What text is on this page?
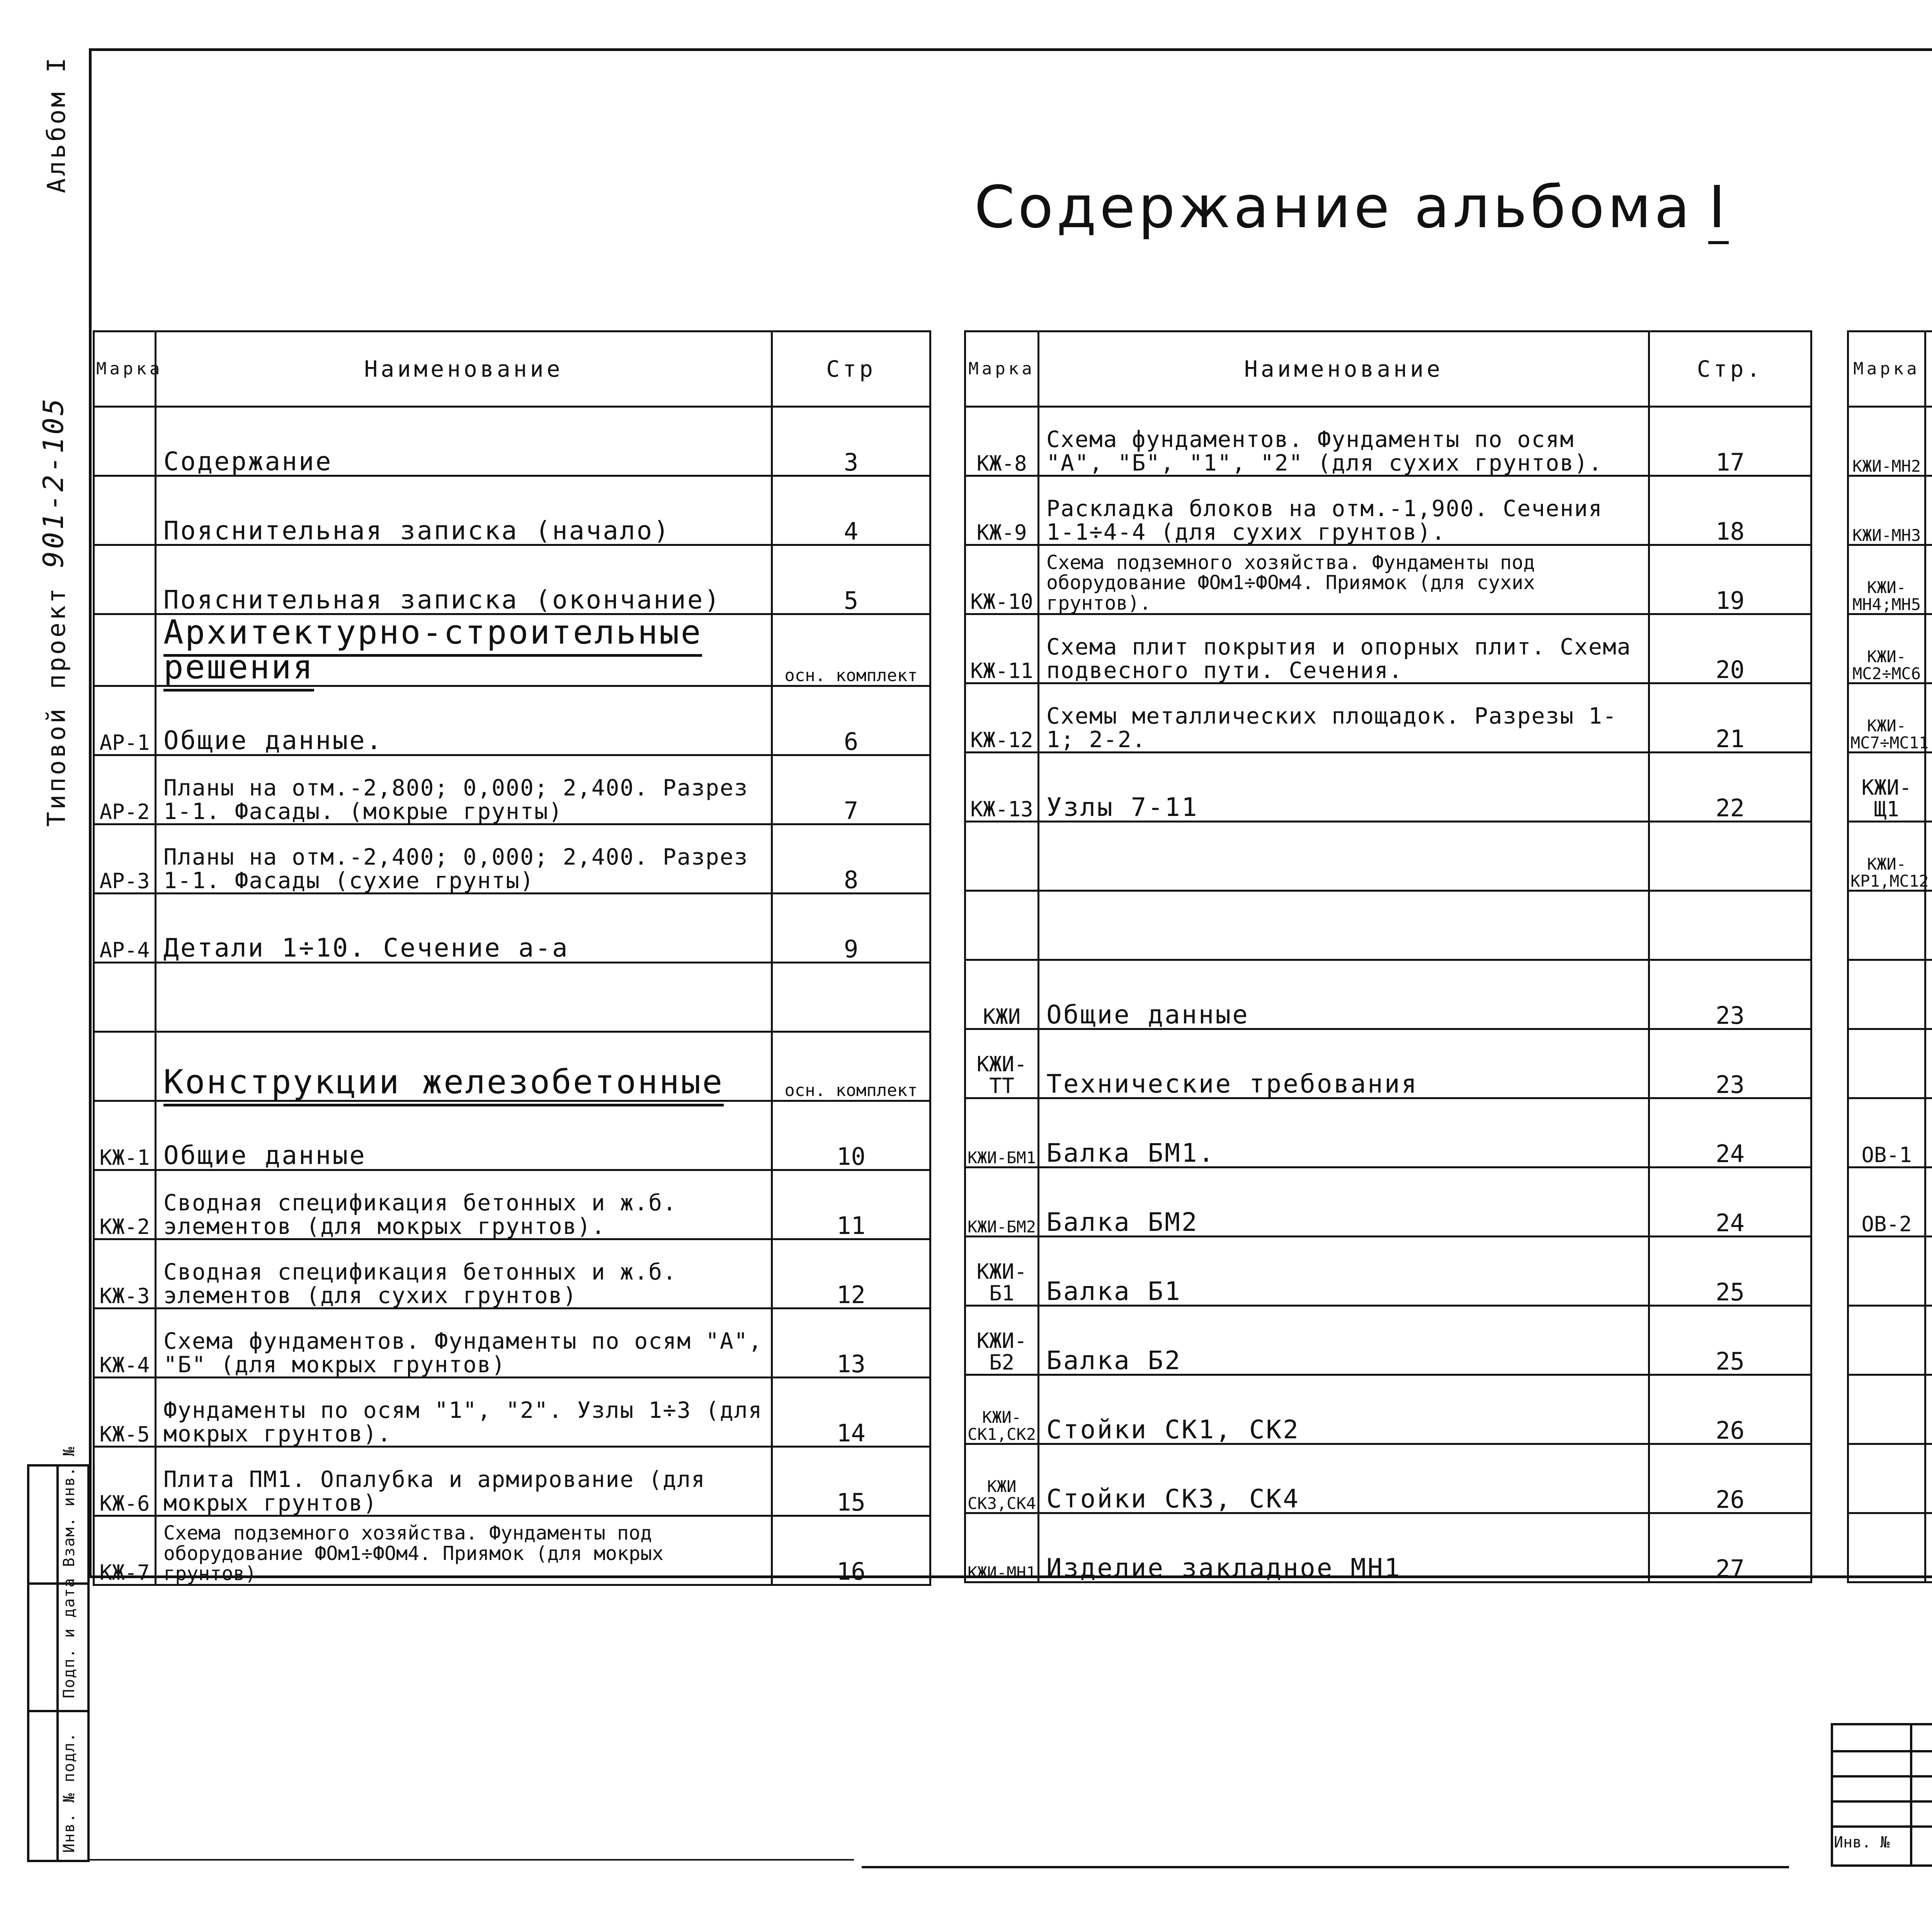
Альбом I
Типовой проект
901-2-105
Содержание альбома I
Марка	Наименование	Стр
	Содержание	3
	Пояснительная записка (начало)	4
	Пояснительная записка (окончание)	5
	Архитектурно-строительные решения	осн. комплект
АР-1	Общие данные.	6
АР-2	Планы на отм.-2,800; 0,000; 2,400. Разрез 1-1. Фасады. (мокрые грунты)	7
АР-3	Планы на отм.-2,400; 0,000; 2,400. Разрез 1-1. Фасады (сухие грунты)	8
АР-4	Детали 1÷10. Сечение а-а	9

	Конструкции железобетонные	осн. комплект
КЖ-1	Общие данные	10
КЖ-2	Сводная спецификация бетонных и ж.б. элементов (для мокрых грунтов).	11
КЖ-3	Сводная спецификация бетонных и ж.б. элементов (для сухих грунтов)	12
КЖ-4	Схема фундаментов. Фундаменты по осям "А", "Б" (для мокрых грунтов)	13
КЖ-5	Фундаменты по осям "1", "2". Узлы 1÷3 (для мокрых грунтов).	14
КЖ-6	Плита ПМ1. Опалубка и армирование (для мокрых грунтов)	15
КЖ-7	Схема подземного хозяйства. Фундаменты под оборудование ФОм1÷ФОм4. Приямок (для мокрых грунтов)	16
Марка	Наименование	Стр.
КЖ-8	Схема фундаментов. Фундаменты по осям "А", "Б", "1", "2" (для сухих грунтов).	17
КЖ-9	Раскладка блоков на отм.-1,900. Сечения 1-1÷4-4 (для сухих грунтов).	18
КЖ-10	Схема подземного хозяйства. Фундаменты под оборудование ФОм1÷ФОм4. Приямок (для сухих грунтов).	19
КЖ-11	Схема плит покрытия и опорных плит. Схема подвесного пути. Сечения.	20
КЖ-12	Схемы металлических площадок. Разрезы 1-1; 2-2.	21
КЖ-13	Узлы 7-11	22

КЖИ	Общие данные	23
КЖИ-ТТ	Технические требования	23
КЖИ-БМ1	Балка БМ1.	24
КЖИ-БМ2	Балка БМ2	24
КЖИ-Б1	Балка Б1	25
КЖИ-Б2	Балка Б2	25
КЖИ-СК1,СК2	Стойки СК1, СК2	26
КЖИ СК3,СК4	Стойки СК3, СК4	26
КЖИ-МН1	Изделие закладное МН1	27
Марка		
КЖИ-МН2		
КЖИ-МН3		
КЖИ-МН4;МН5		
КЖИ-МС2÷МС6		
КЖИ-МС7÷МС11		
КЖИ-Щ1		
КЖИ-КР1,МС12		

ОВ-1		
ОВ-2		

Инв. №
Взам. инв. №
Подп. и дата
Инв. № подл.
